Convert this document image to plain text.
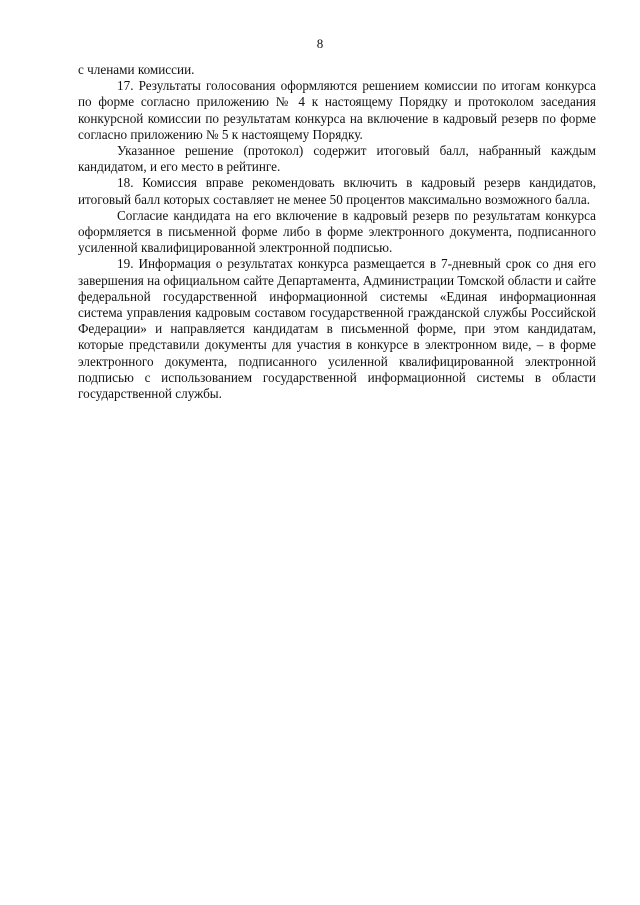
8

с членами комиссии.

17. Результаты голосования оформляются решением комиссии по итогам конкурса по форме согласно приложению № 4 к настоящему Порядку и протоколом заседания конкурсной комиссии по результатам конкурса на включение в кадровый резерв по форме согласно приложению № 5 к настоящему Порядку.

Указанное решение (протокол) содержит итоговый балл, набранный каждым кандидатом, и его место в рейтинге.

18. Комиссия вправе рекомендовать включить в кадровый резерв кандидатов, итоговый балл которых составляет не менее 50 процентов максимально возможного балла.

Согласие кандидата на его включение в кадровый резерв по результатам конкурса оформляется в письменной форме либо в форме электронного документа, подписанного усиленной квалифицированной электронной подписью.

19. Информация о результатах конкурса размещается в 7-дневный срок со дня его завершения на официальном сайте Департамента, Администрации Томской области и сайте федеральной государственной информационной системы «Единая информационная система управления кадровым составом государственной гражданской службы Российской Федерации» и направляется кандидатам в письменной форме, при этом кандидатам, которые представили документы для участия в конкурсе в электронном виде, – в форме электронного документа, подписанного усиленной квалифицированной электронной подписью с использованием государственной информационной системы в области государственной службы.
